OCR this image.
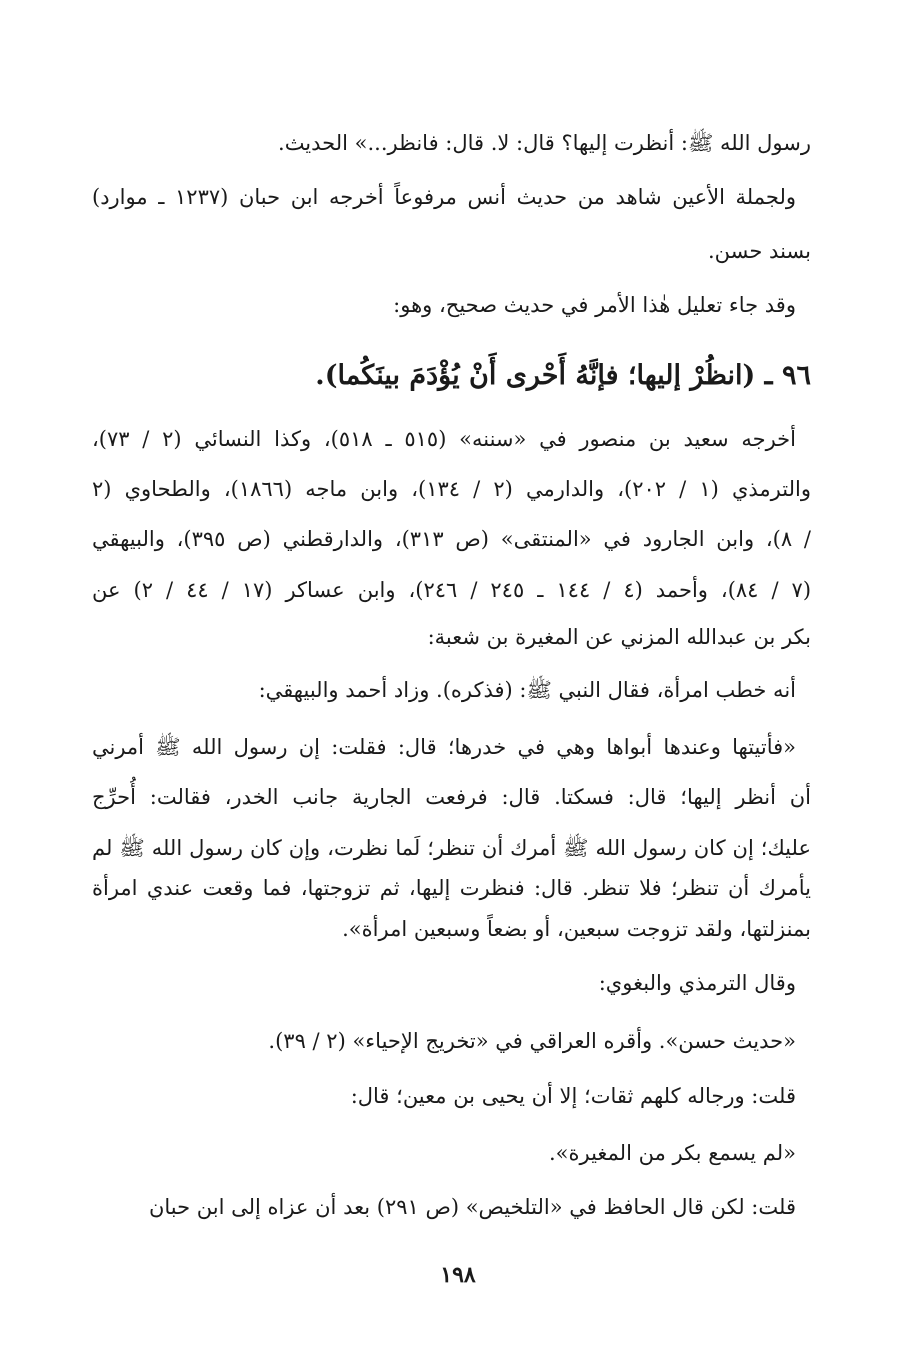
رسول الله ﷺ: أنظرت إليها؟ قال: لا. قال: فانظر...» الحديث.
ولجملة الأعين شاهد من حديث أنس مرفوعاً أخرجه ابن حبان (١٢٣٧ ـ موارد)
بسند حسن.
وقد جاء تعليل هٰذا الأمر في حديث صحيح، وهو:
٩٦ ـ (انظُرْ إليها؛ فإنَّهُ أَحْرى أَنْ يُؤْدَمَ بينَكُما).
أخرجه سعيد بن منصور في «سننه» (٥١٥ ـ ٥١٨)، وكذا النسائي (٢ / ٧٣)،
والترمذي (١ / ٢٠٢)، والدارمي (٢ / ١٣٤)، وابن ماجه (١٨٦٦)، والطحاوي (٢
/ ٨)، وابن الجارود في «المنتقى» (ص ٣١٣)، والدارقطني (ص ٣٩٥)، والبيهقي
(٧ / ٨٤)، وأحمد (٤ / ١٤٤ ـ ٢٤٥ / ٢٤٦)، وابن عساكر (١٧ / ٤٤ / ٢) عن
بكر بن عبدالله المزني عن المغيرة بن شعبة:
أنه خطب امرأة، فقال النبي ﷺ: (فذكره). وزاد أحمد والبيهقي:
«فأتيتها وعندها أبواها وهي في خدرها؛ قال: فقلت: إن رسول الله ﷺ أمرني
أن أنظر إليها؛ قال: فسكتا. قال: فرفعت الجارية جانب الخدر، فقالت: أُحرِّج
عليك؛ إن كان رسول الله ﷺ أمرك أن تنظر؛ لَما نظرت، وإن كان رسول الله ﷺ لم
يأمرك أن تنظر؛ فلا تنظر. قال: فنظرت إليها، ثم تزوجتها، فما وقعت عندي امرأة
بمنزلتها، ولقد تزوجت سبعين، أو بضعاً وسبعين امرأة».
وقال الترمذي والبغوي:
«حديث حسن». وأقره العراقي في «تخريج الإحياء» (٢ / ٣٩).
قلت: ورجاله كلهم ثقات؛ إلا أن يحيى بن معين؛ قال:
«لم يسمع بكر من المغيرة».
قلت: لكن قال الحافظ في «التلخيص» (ص ٢٩١) بعد أن عزاه إلى ابن حبان
١٩٨
